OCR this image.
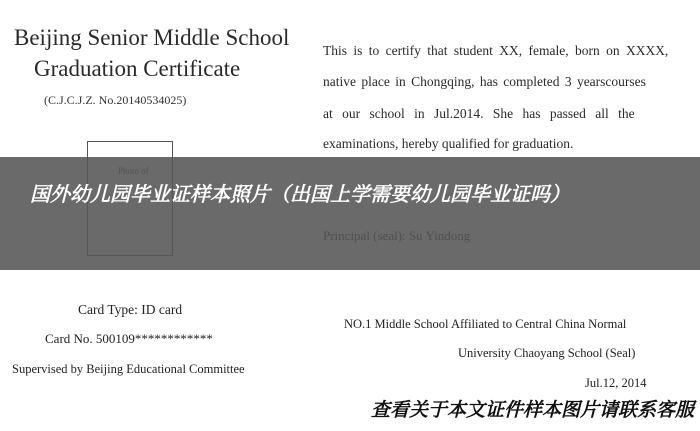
Beijing Senior Middle School
Graduation Certificate
(C.J.C.J.Z. No.20140534025)
This is to certify that student XX, female, born on XXXX,
native place in Chongqing, has completed 3 yearscourses
at our school in Jul.2014. She has passed all the
examinations, hereby qualified for graduation.
Card Type: ID card
Card No. 500109************
Supervised by Beijing Educational Committee
NO.1 Middle School Affiliated to Central China Normal
University Chaoyang School (Seal)
Jul.12, 2014
国外幼儿园毕业证样本照片（出国上学需要幼儿园毕业证吗）
查看关于本文证件样本图片请联系客服
